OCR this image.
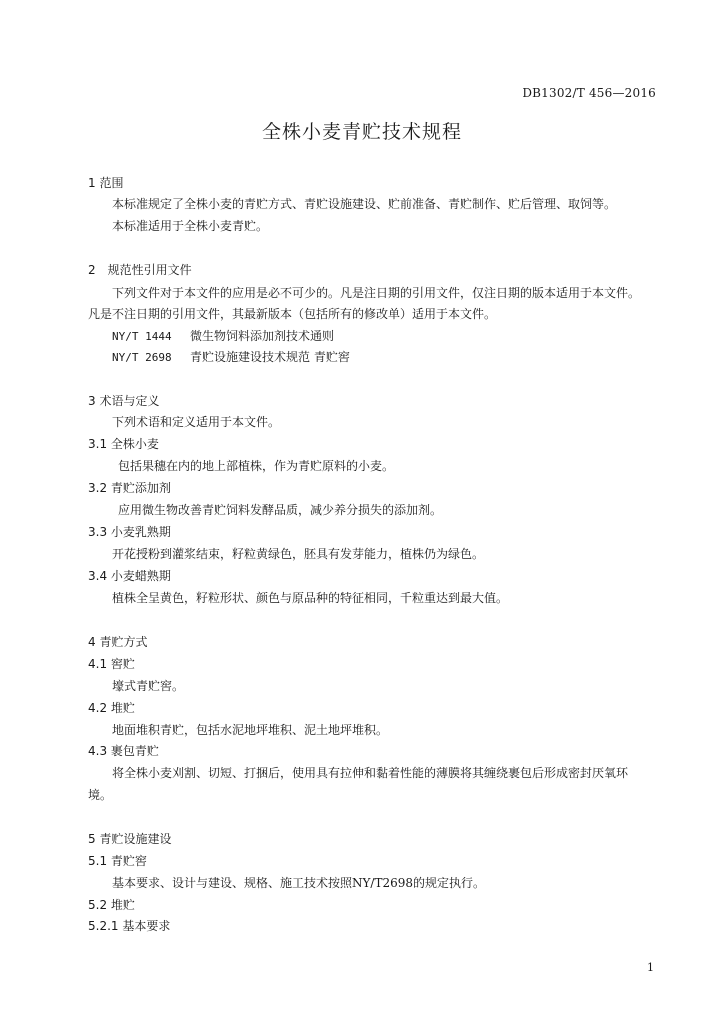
DB1302/T 456—2016
全株小麦青贮技术规程
1 范围
本标准规定了全株小麦的青贮方式、青贮设施建设、贮前准备、青贮制作、贮后管理、取饲等。
本标准适用于全株小麦青贮。
2　规范性引用文件
下列文件对于本文件的应用是必不可少的。凡是注日期的引用文件，仅注日期的版本适用于本文件。
凡是不注日期的引用文件，其最新版本（包括所有的修改单）适用于本文件。
NY/T 1444 微生物饲料添加剂技术通则
NY/T 2698 青贮设施建设技术规范 青贮窖
3 术语与定义
下列术语和定义适用于本文件。
3.1 全株小麦
包括果穗在内的地上部植株，作为青贮原料的小麦。
3.2 青贮添加剂
应用微生物改善青贮饲料发酵品质，减少养分损失的添加剂。
3.3 小麦乳熟期
开花授粉到灌浆结束，籽粒黄绿色，胚具有发芽能力，植株仍为绿色。
3.4 小麦蜡熟期
植株全呈黄色，籽粒形状、颜色与原品种的特征相同，千粒重达到最大值。
4 青贮方式
4.1 窖贮
壕式青贮窖。
4.2 堆贮
地面堆积青贮，包括水泥地坪堆积、泥土地坪堆积。
4.3 裹包青贮
将全株小麦刈割、切短、打捆后，使用具有拉伸和黏着性能的薄膜将其缠绕裹包后形成密封厌氧环
境。
5 青贮设施建设
5.1 青贮窖
基本要求、设计与建设、规格、施工技术按照NY/T2698的规定执行。
5.2 堆贮
5.2.1 基本要求
1
